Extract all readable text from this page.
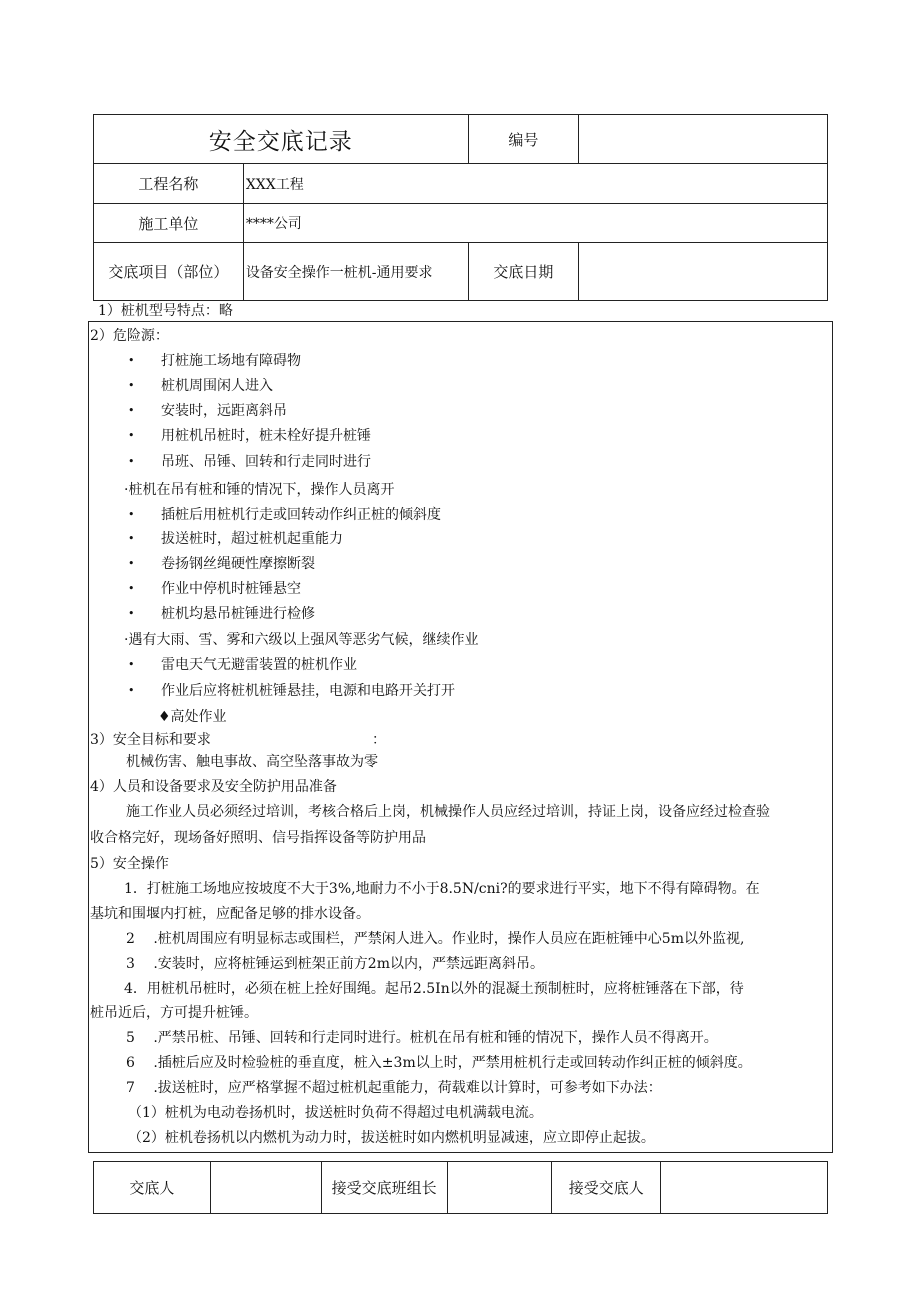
安全交底记录		编号	
工程名称	XXX工程		
施工单位	****公司		
交底项目（部位）	设备安全操作一桩机-通用要求	交底日期	
1）桩机型号特点：略
2）危险源：
• 打桩施工场地有障碍物
• 桩机周围闲人进入
• 安装时，远距离斜吊
• 用桩机吊桩时，桩未栓好提升桩锤
• 吊班、吊锤、回转和行走同时进行
·桩机在吊有桩和锤的情况下，操作人员离开
• 插桩后用桩机行走或回转动作纠正桩的倾斜度
• 拔送桩时，超过桩机起重能力
• 卷扬钢丝绳硬性摩擦断裂
• 作业中停机时桩锤悬空
• 桩机均悬吊桩锤进行检修
·遇有大雨、雪、雾和六级以上强风等恶劣气候，继续作业
• 雷电天气无避雷装置的桩机作业
• 作业后应将桩机桩锤悬挂，电源和电路开关打开
♦高处作业
3）安全目标和要求	：
机械伤害、触电事故、高空坠落事故为零
4）人员和设备要求及安全防护用品准备
施工作业人员必须经过培训，考核合格后上岗，机械操作人员应经过培训，持证上岗，设备应经过检查验
收合格完好，现场备好照明、信号指挥设备等防护用品
5）安全操作
1．打桩施工场地应按坡度不大于3%,地耐力不小于8.5N/cni?的要求进行平实，地下不得有障碍物。在
基坑和围堰内打桩，应配备足够的排水设备。
2　 .桩机周围应有明显标志或围栏，严禁闲人进入。作业时，操作人员应在距桩锤中心5m以外监视,
3　 .安装时，应将桩锤运到桩架正前方2m以内，严禁远距离斜吊。
4．用桩机吊桩时，必须在桩上拴好围绳。起吊2.5In以外的混凝土预制桩时，应将桩锤落在下部，待
桩吊近后，方可提升桩锤。
5　 .严禁吊桩、吊锤、回转和行走同时进行。桩机在吊有桩和锤的情况下，操作人员不得离开。
6　 .插桩后应及时检验桩的垂直度，桩入±3m以上时，严禁用桩机行走或回转动作纠正桩的倾斜度。
7　 .拔送桩时，应严格掌握不超过桩机起重能力，荷载难以计算时，可参考如下办法：
（1）桩机为电动卷扬机时，拔送桩时负荷不得超过电机满载电流。
（2）桩机卷扬机以内燃机为动力时，拔送桩时如内燃机明显减速，应立即停止起拔。
交底人		接受交底班组长		接受交底人	
